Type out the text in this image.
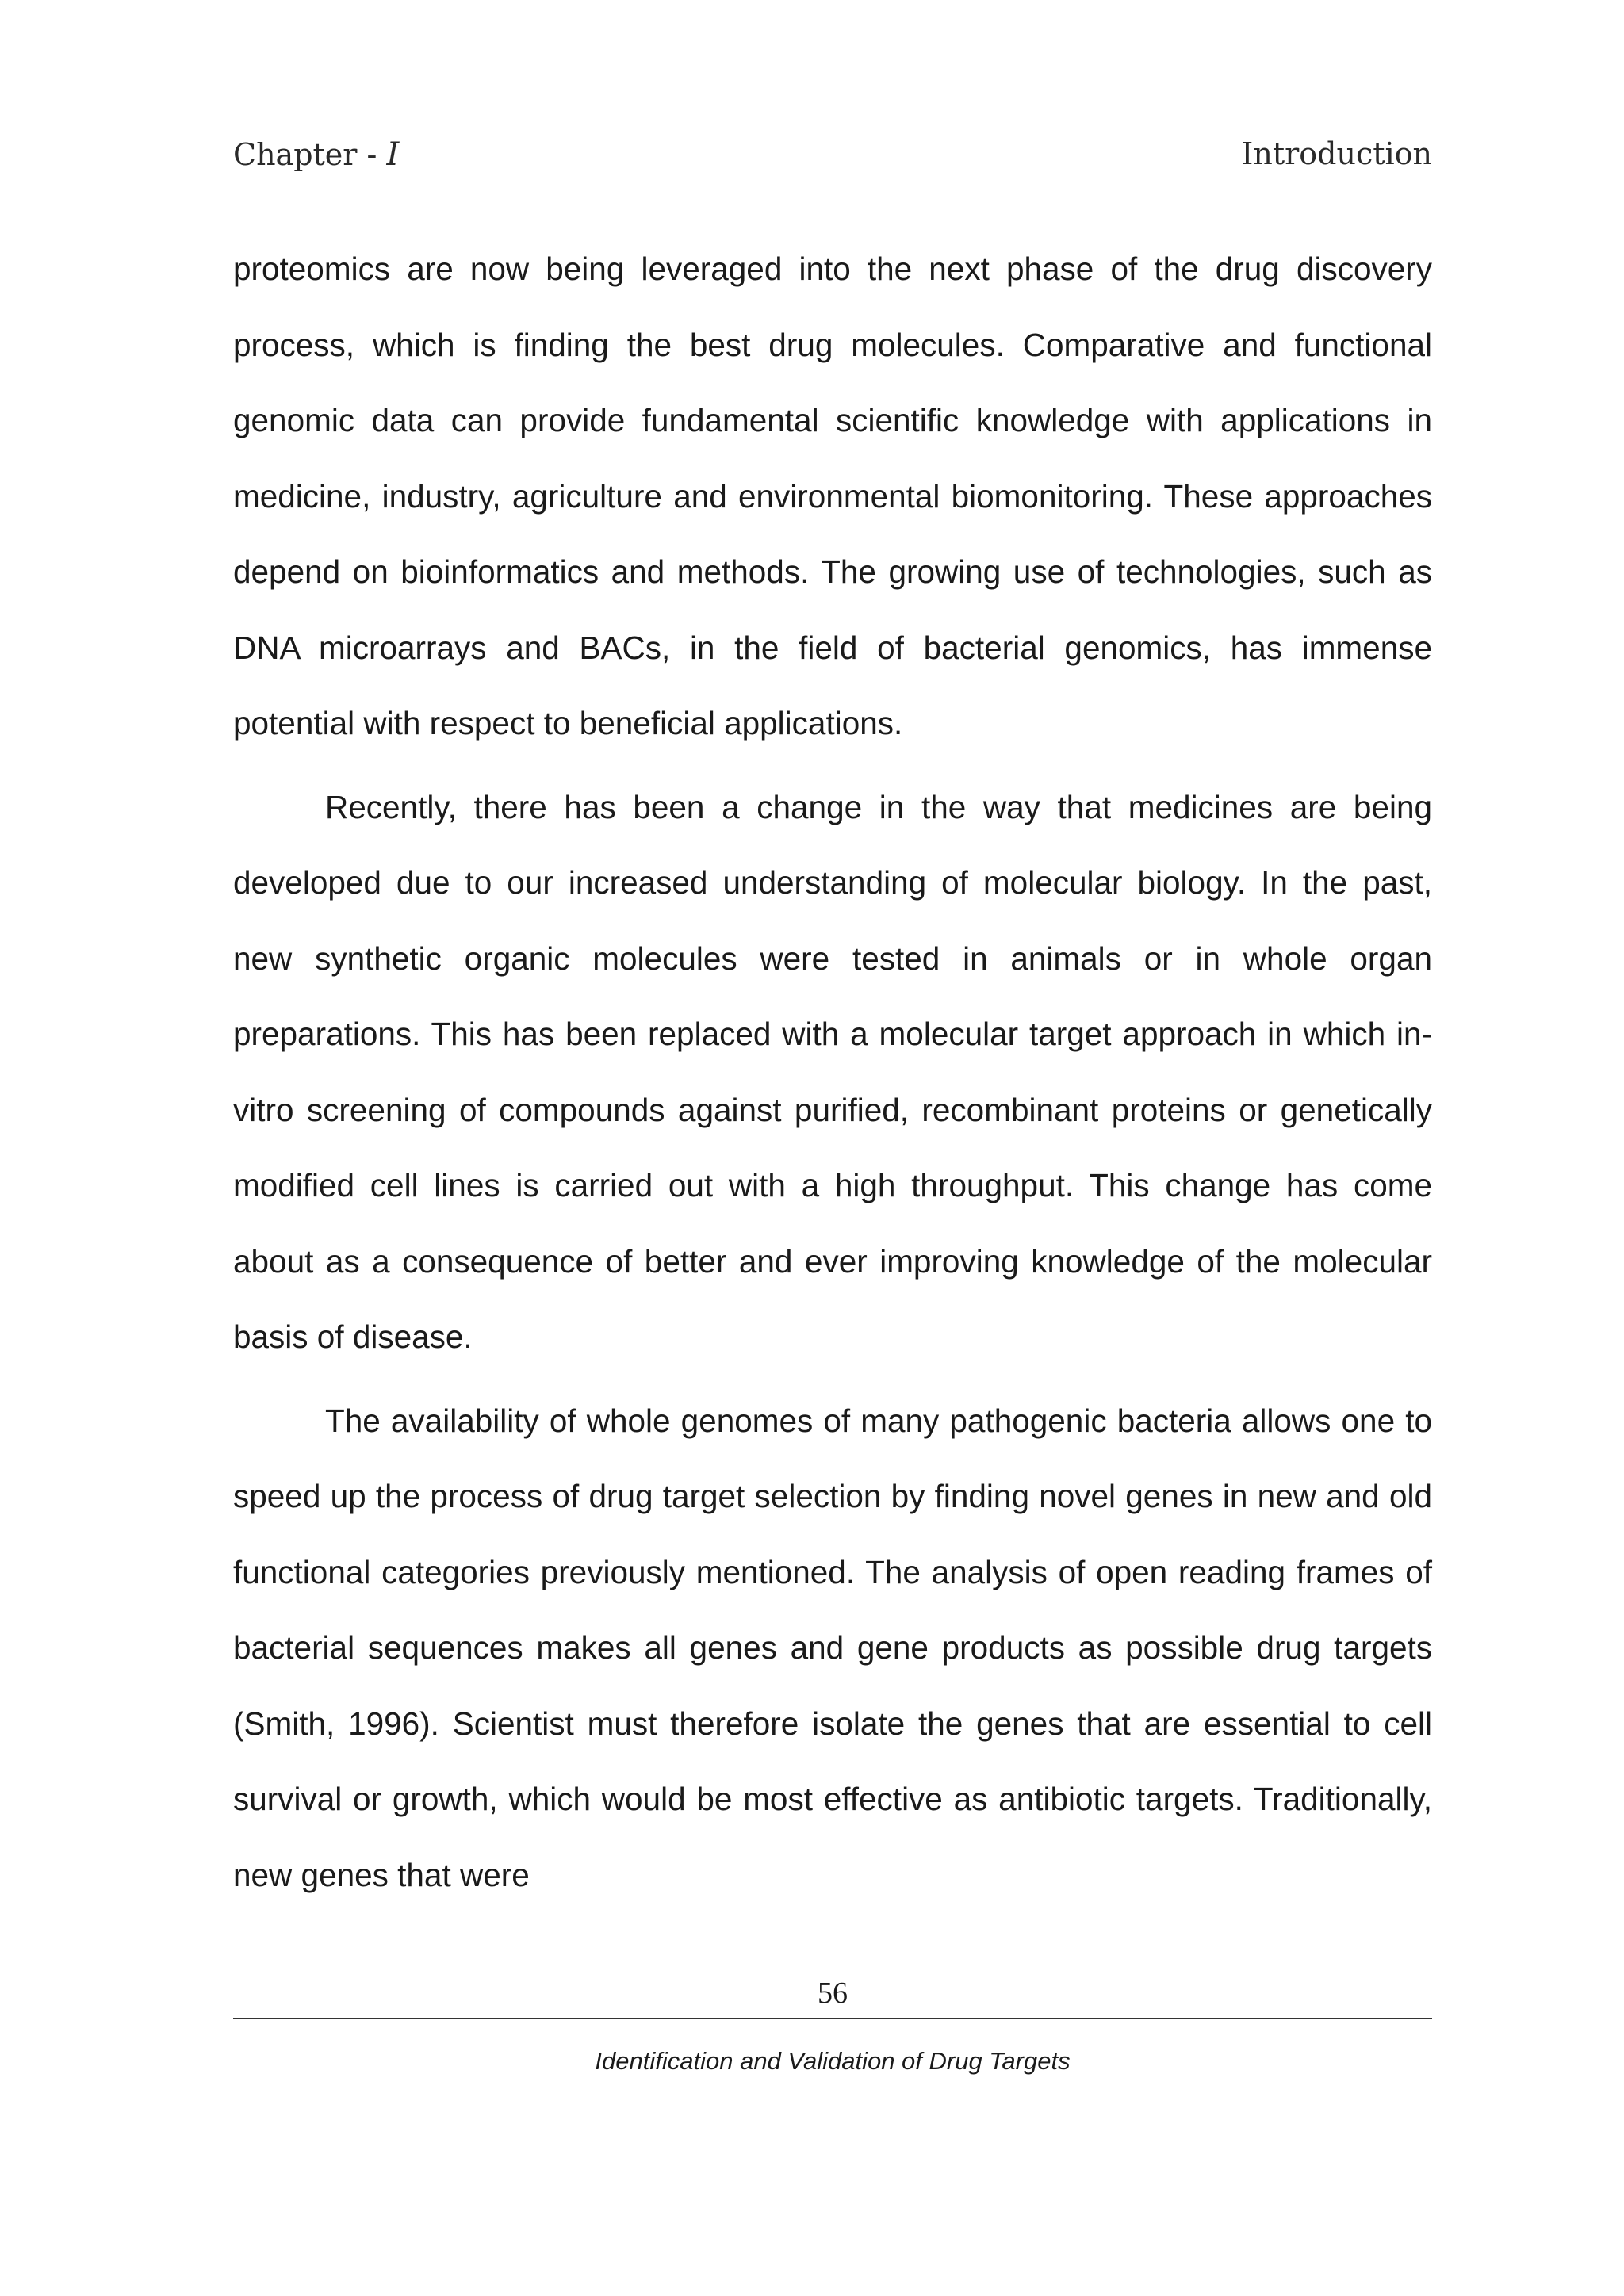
Chapter - I	Introduction

proteomics are now being leveraged into the next phase of the drug discovery process, which is finding the best drug molecules. Comparative and functional genomic data can provide fundamental scientific knowledge with applications in medicine, industry, agriculture and environmental biomonitoring. These approaches depend on bioinformatics and methods. The growing use of technologies, such as DNA microarrays and BACs, in the field of bacterial genomics, has immense potential with respect to beneficial applications.

Recently, there has been a change in the way that medicines are being developed due to our increased understanding of molecular biology. In the past, new synthetic organic molecules were tested in animals or in whole organ preparations. This has been replaced with a molecular target approach in which in-vitro screening of compounds against purified, recombinant proteins or genetically modified cell lines is carried out with a high throughput. This change has come about as a consequence of better and ever improving knowledge of the molecular basis of disease.

The availability of whole genomes of many pathogenic bacteria allows one to speed up the process of drug target selection by finding novel genes in new and old functional categories previously mentioned. The analysis of open reading frames of bacterial sequences makes all genes and gene products as possible drug targets (Smith, 1996). Scientist must therefore isolate the genes that are essential to cell survival or growth, which would be most effective as antibiotic targets. Traditionally, new genes that were

56
Identification and Validation of Drug Targets
